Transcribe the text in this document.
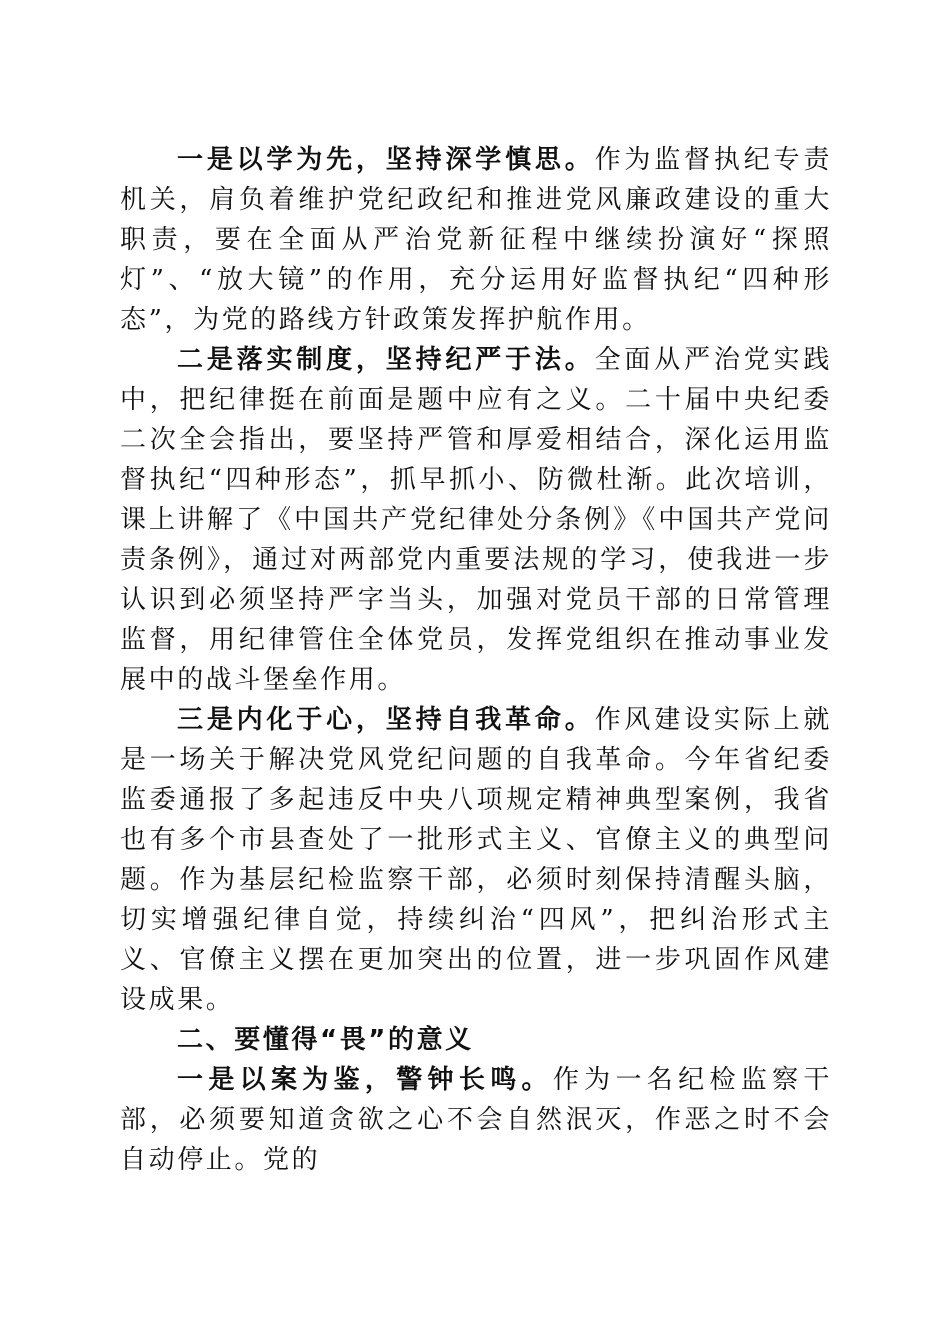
一是以学为先，坚持深学慎思。作为监督执纪专责机关，肩负着维护党纪政纪和推进党风廉政建设的重大职责，要在全面从严治党新征程中继续扮演好“探照灯”、“放大镜”的作用，充分运用好监督执纪“四种形态”，为党的路线方针政策发挥护航作用。

二是落实制度，坚持纪严于法。全面从严治党实践中，把纪律挺在前面是题中应有之义。二十届中央纪委二次全会指出，要坚持严管和厚爱相结合，深化运用监督执纪“四种形态”，抓早抓小、防微杜渐。此次培训，课上讲解了《中国共产党纪律处分条例》《中国共产党问责条例》，通过对两部党内重要法规的学习，使我进一步认识到必须坚持严字当头，加强对党员干部的日常管理监督，用纪律管住全体党员，发挥党组织在推动事业发展中的战斗堡垒作用。

三是内化于心，坚持自我革命。作风建设实际上就是一场关于解决党风党纪问题的自我革命。今年省纪委监委通报了多起违反中央八项规定精神典型案例，我省也有多个市县查处了一批形式主义、官僚主义的典型问题。作为基层纪检监察干部，必须时刻保持清醒头脑，切实增强纪律自觉，持续纠治“四风”，把纠治形式主义、官僚主义摆在更加突出的位置，进一步巩固作风建设成果。

二、要懂得“畏”的意义

一是以案为鉴，警钟长鸣。作为一名纪检监察干部，必须要知道贪欲之心不会自然泯灭，作恶之时不会自动停止。党的
